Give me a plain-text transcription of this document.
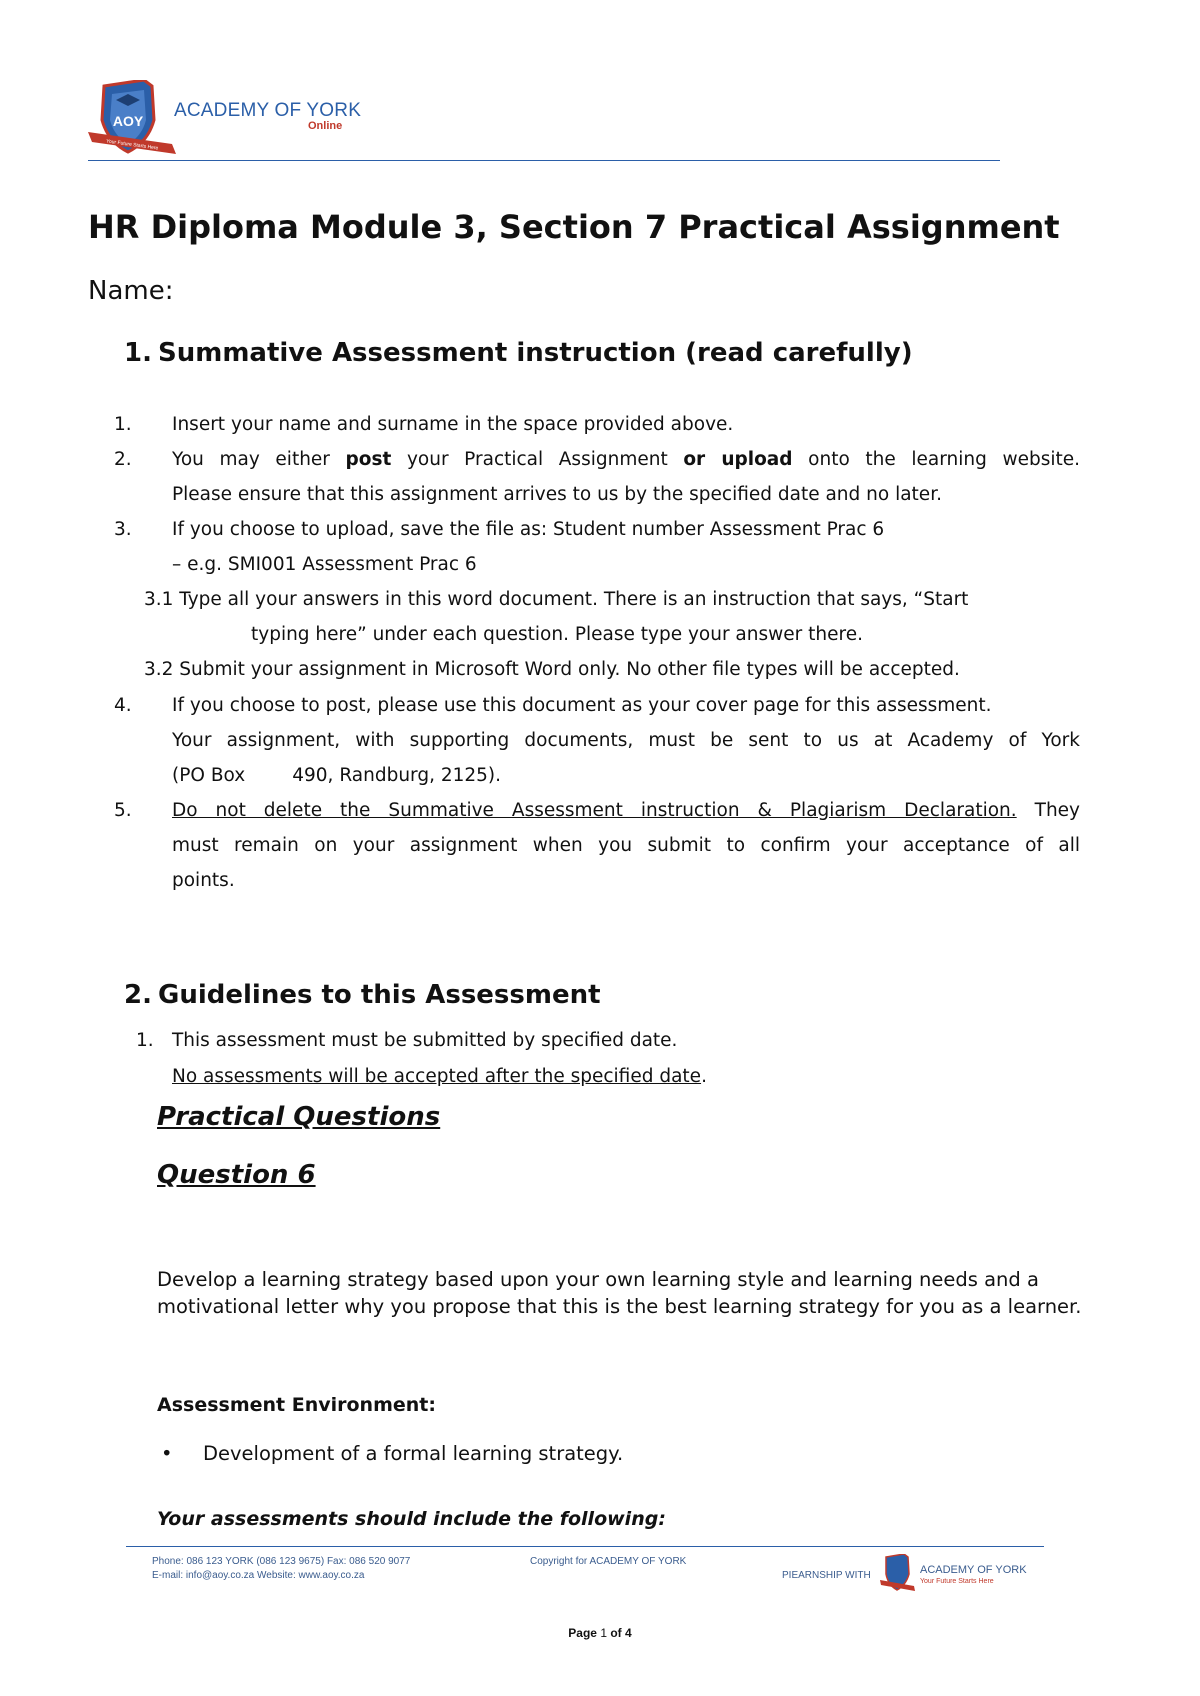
AOY
Your Future Starts Here
ACADEMY OF YORK
Online
HR Diploma Module 3, Section 7 Practical Assignment
Name:
1. Summative Assessment instruction (read carefully)
1. Insert your name and surname in the space provided above.
2. You may either post your Practical Assignment or upload onto the learning website.
Please ensure that this assignment arrives to us by the specified date and no later.
3. If you choose to upload, save the file as: Student number Assessment Prac 6
– e.g. SMI001 Assessment Prac 6
3.1 Type all your answers in this word document. There is an instruction that says, “Start
typing here” under each question. Please type your answer there.
3.2 Submit your assignment in Microsoft Word only. No other file types will be accepted.
4. If you choose to post, please use this document as your cover page for this assessment.
Your assignment, with supporting documents, must be sent to us at Academy of York
(PO Box        490, Randburg, 2125).
5. Do not delete the Summative Assessment instruction & Plagiarism Declaration. They
must remain on your assignment when you submit to confirm your acceptance of all
points.
2. Guidelines to this Assessment
1. This assessment must be submitted by specified date.
No assessments will be accepted after the specified date.
Practical Questions
Question 6
Develop a learning strategy based upon your own learning style and learning needs and a motivational letter why you propose that this is the best learning strategy for you as a learner.
Assessment Environment:
• Development of a formal learning strategy.
Your assessments should include the following:
Phone: 086 123 YORK (086 123 9675) Fax: 086 520 9077
E-mail: info@aoy.co.za Website: www.aoy.co.za
Copyright for ACADEMY OF YORK
PIEARNSHIP WITH	ACADEMY OF YORK
Your Future Starts Here
Page 1 of 4
